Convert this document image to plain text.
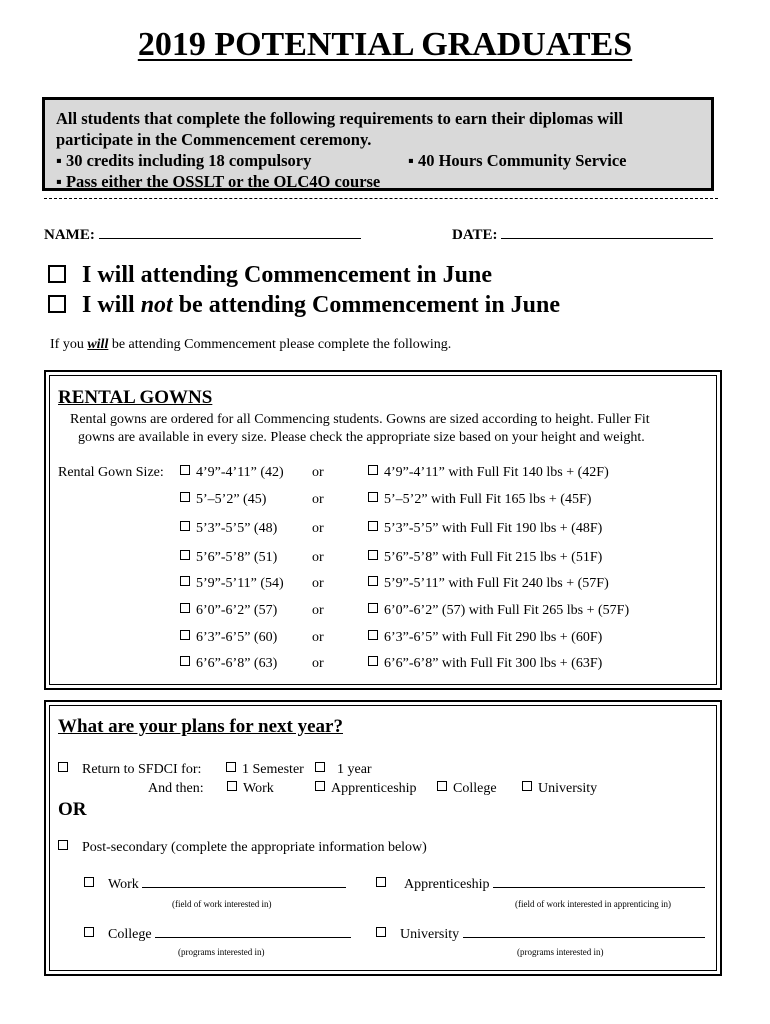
2019 POTENTIAL GRADUATES
All students that complete the following requirements to earn their diplomas will
participate in the Commencement ceremony.
▪ 30 credits including 18 compulsory	▪ 40 Hours Community Service
▪ Pass either the OSSLT or the OLC4O course
NAME:	DATE:
I will attending Commencement in June
I will not be attending Commencement in June
If you will be attending Commencement please complete the following.
RENTAL GOWNS
Rental gowns are ordered for all Commencing students. Gowns are sized according to height. Fuller Fit
gowns are available in every size. Please check the appropriate size based on your height and weight.
Rental Gown Size:	4’9”-4’11” (42) or	4’9”-4’11” with Full Fit 140 lbs + (42F)
5’–5’2” (45)	or	5’–5’2” with Full Fit 165 lbs + (45F)
5’3”-5’5” (48) or	5’3”-5’5” with Full Fit 190 lbs + (48F)
5’6”-5’8” (51) or	5’6”-5’8” with Full Fit 215 lbs + (51F)
5’9”-5’11” (54) or	5’9”-5’11” with Full Fit 240 lbs + (57F)
6’0”-6’2” (57) or	6’0”-6’2” (57) with Full Fit 265 lbs + (57F)
6’3”-6’5” (60) or	6’3”-6’5” with Full Fit 290 lbs + (60F)
6’6”-6’8” (63) or	6’6”-6’8” with Full Fit 300 lbs + (63F)
What are your plans for next year?
Return to SFDCI for:	1 Semester	1 year
And then:	Work	Apprenticeship	College	University
OR
Post-secondary (complete the appropriate information below)
Work
(field of work interested in)
Apprenticeship
(field of work interested in apprenticing in)
College
(programs interested in)
University
(programs interested in)
